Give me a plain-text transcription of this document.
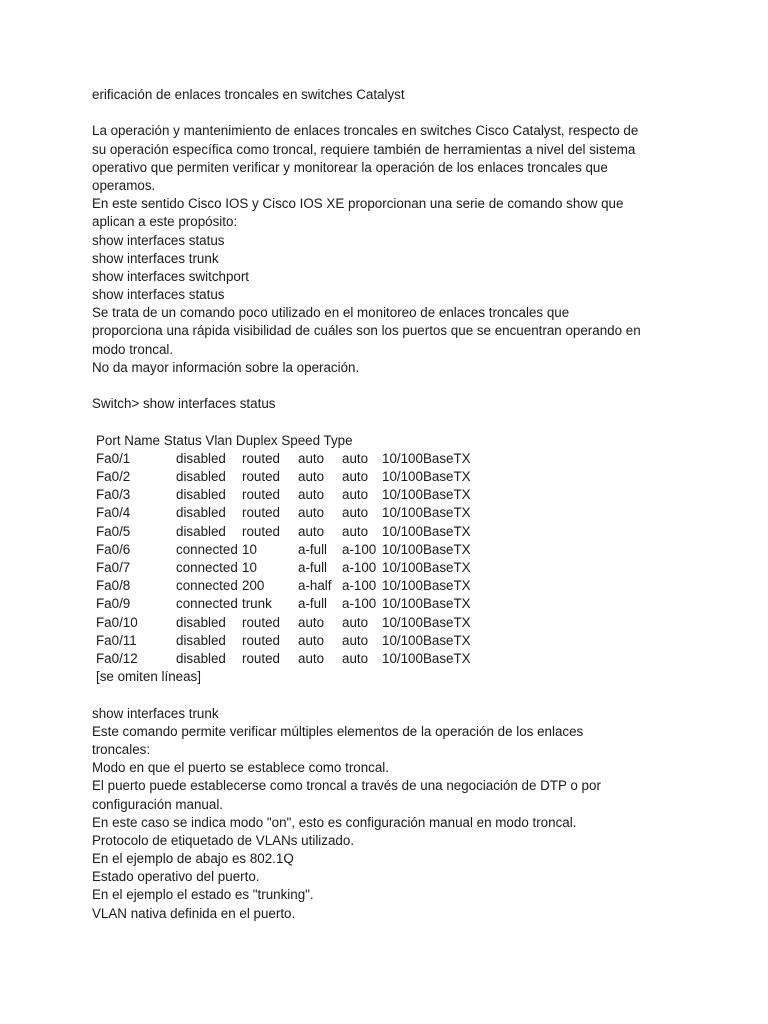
erificación de enlaces troncales en switches Catalyst
La operación y mantenimiento de enlaces troncales en switches Cisco Catalyst, respecto de
su operación específica como troncal, requiere también de herramientas a nivel del sistema
operativo que permiten verificar y monitorear la operación de los enlaces troncales que
operamos.
En este sentido Cisco IOS y Cisco IOS XE proporcionan una serie de comando show que
aplican a este propósito:
show interfaces status
show interfaces trunk
show interfaces switchport
show interfaces status
Se trata de un comando poco utilizado en el monitoreo de enlaces troncales que
proporciona una rápida visibilidad de cuáles son los puertos que se encuentran operando en
modo troncal.
No da mayor información sobre la operación.
Switch> show interfaces status
Port Name Status Vlan Duplex Speed Type
Fa0/1	disabled	routed	auto	auto	10/100BaseTX
Fa0/2	disabled	routed	auto	auto	10/100BaseTX
Fa0/3	disabled	routed	auto	auto	10/100BaseTX
Fa0/4	disabled	routed	auto	auto	10/100BaseTX
Fa0/5	disabled	routed	auto	auto	10/100BaseTX
Fa0/6	connected	10	a-full	a-100	10/100BaseTX
Fa0/7	connected	10	a-full	a-100	10/100BaseTX
Fa0/8	connected	200	a-half	a-100	10/100BaseTX
Fa0/9	connected	trunk	a-full	a-100	10/100BaseTX
Fa0/10	disabled	routed	auto	auto	10/100BaseTX
Fa0/11	disabled	routed	auto	auto	10/100BaseTX
Fa0/12	disabled	routed	auto	auto	10/100BaseTX
[se omiten líneas]
show interfaces trunk
Este comando permite verificar múltiples elementos de la operación de los enlaces
troncales:
Modo en que el puerto se establece como troncal.
El puerto puede establecerse como troncal a través de una negociación de DTP o por
configuración manual.
En este caso se indica modo "on", esto es configuración manual en modo troncal.
Protocolo de etiquetado de VLANs utilizado.
En el ejemplo de abajo es 802.1Q
Estado operativo del puerto.
En el ejemplo el estado es "trunking".
VLAN nativa definida en el puerto.
